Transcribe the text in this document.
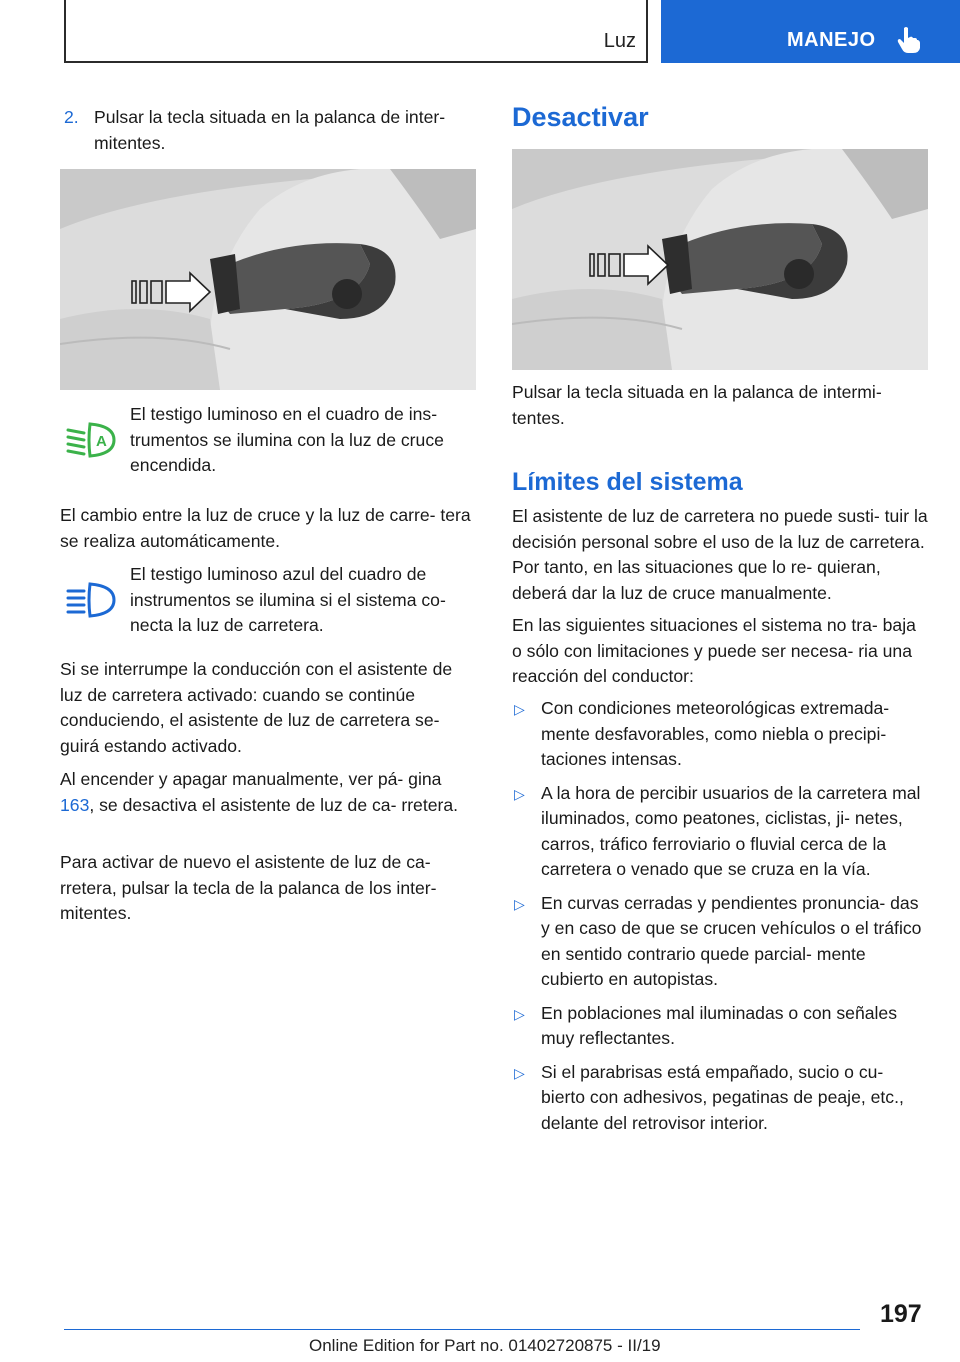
Luz	MANEJO
2. Pulsar la tecla situada en la palanca de inter‐ mitentes.
A
El testigo luminoso en el cuadro de ins‐ trumentos se ilumina con la luz de cruce encendida.

El cambio entre la luz de cruce y la luz de carre‐ tera se realiza automáticamente.

El testigo luminoso azul del cuadro de instrumentos se ilumina si el sistema co‐ necta la luz de carretera.

Si se interrumpe la conducción con el asistente de luz de carretera activado: cuando se continúe conduciendo, el asistente de luz de carretera se‐ guirá estando activado.

Al encender y apagar manualmente, ver pá‐ gina 163, se desactiva el asistente de luz de ca‐ rretera.

Para activar de nuevo el asistente de luz de ca‐ rretera, pulsar la tecla de la palanca de los inter‐ mitentes.

Desactivar

Pulsar la tecla situada en la palanca de intermi‐ tentes.

Límites del sistema

El asistente de luz de carretera no puede susti‐ tuir la decisión personal sobre el uso de la luz de carretera. Por tanto, en las situaciones que lo re‐ quieran, deberá dar la luz de cruce manualmente.

En las siguientes situaciones el sistema no tra‐ baja o sólo con limitaciones y puede ser necesa‐ ria una reacción del conductor:

▷ Con condiciones meteorológicas extremada‐ mente desfavorables, como niebla o precipi‐ taciones intensas.
▷ A la hora de percibir usuarios de la carretera mal iluminados, como peatones, ciclistas, ji‐ netes, carros, tráfico ferroviario o fluvial cerca de la carretera o venado que se cruza en la vía.
▷ En curvas cerradas y pendientes pronuncia‐ das y en caso de que se crucen vehículos o el tráfico en sentido contrario quede parcial‐ mente cubierto en autopistas.
▷ En poblaciones mal iluminadas o con señales muy reflectantes.
▷ Si el parabrisas está empañado, sucio o cu‐ bierto con adhesivos, pegatinas de peaje, etc., delante del retrovisor interior.
197
Online Edition for Part no. 01402720875 - II/19
